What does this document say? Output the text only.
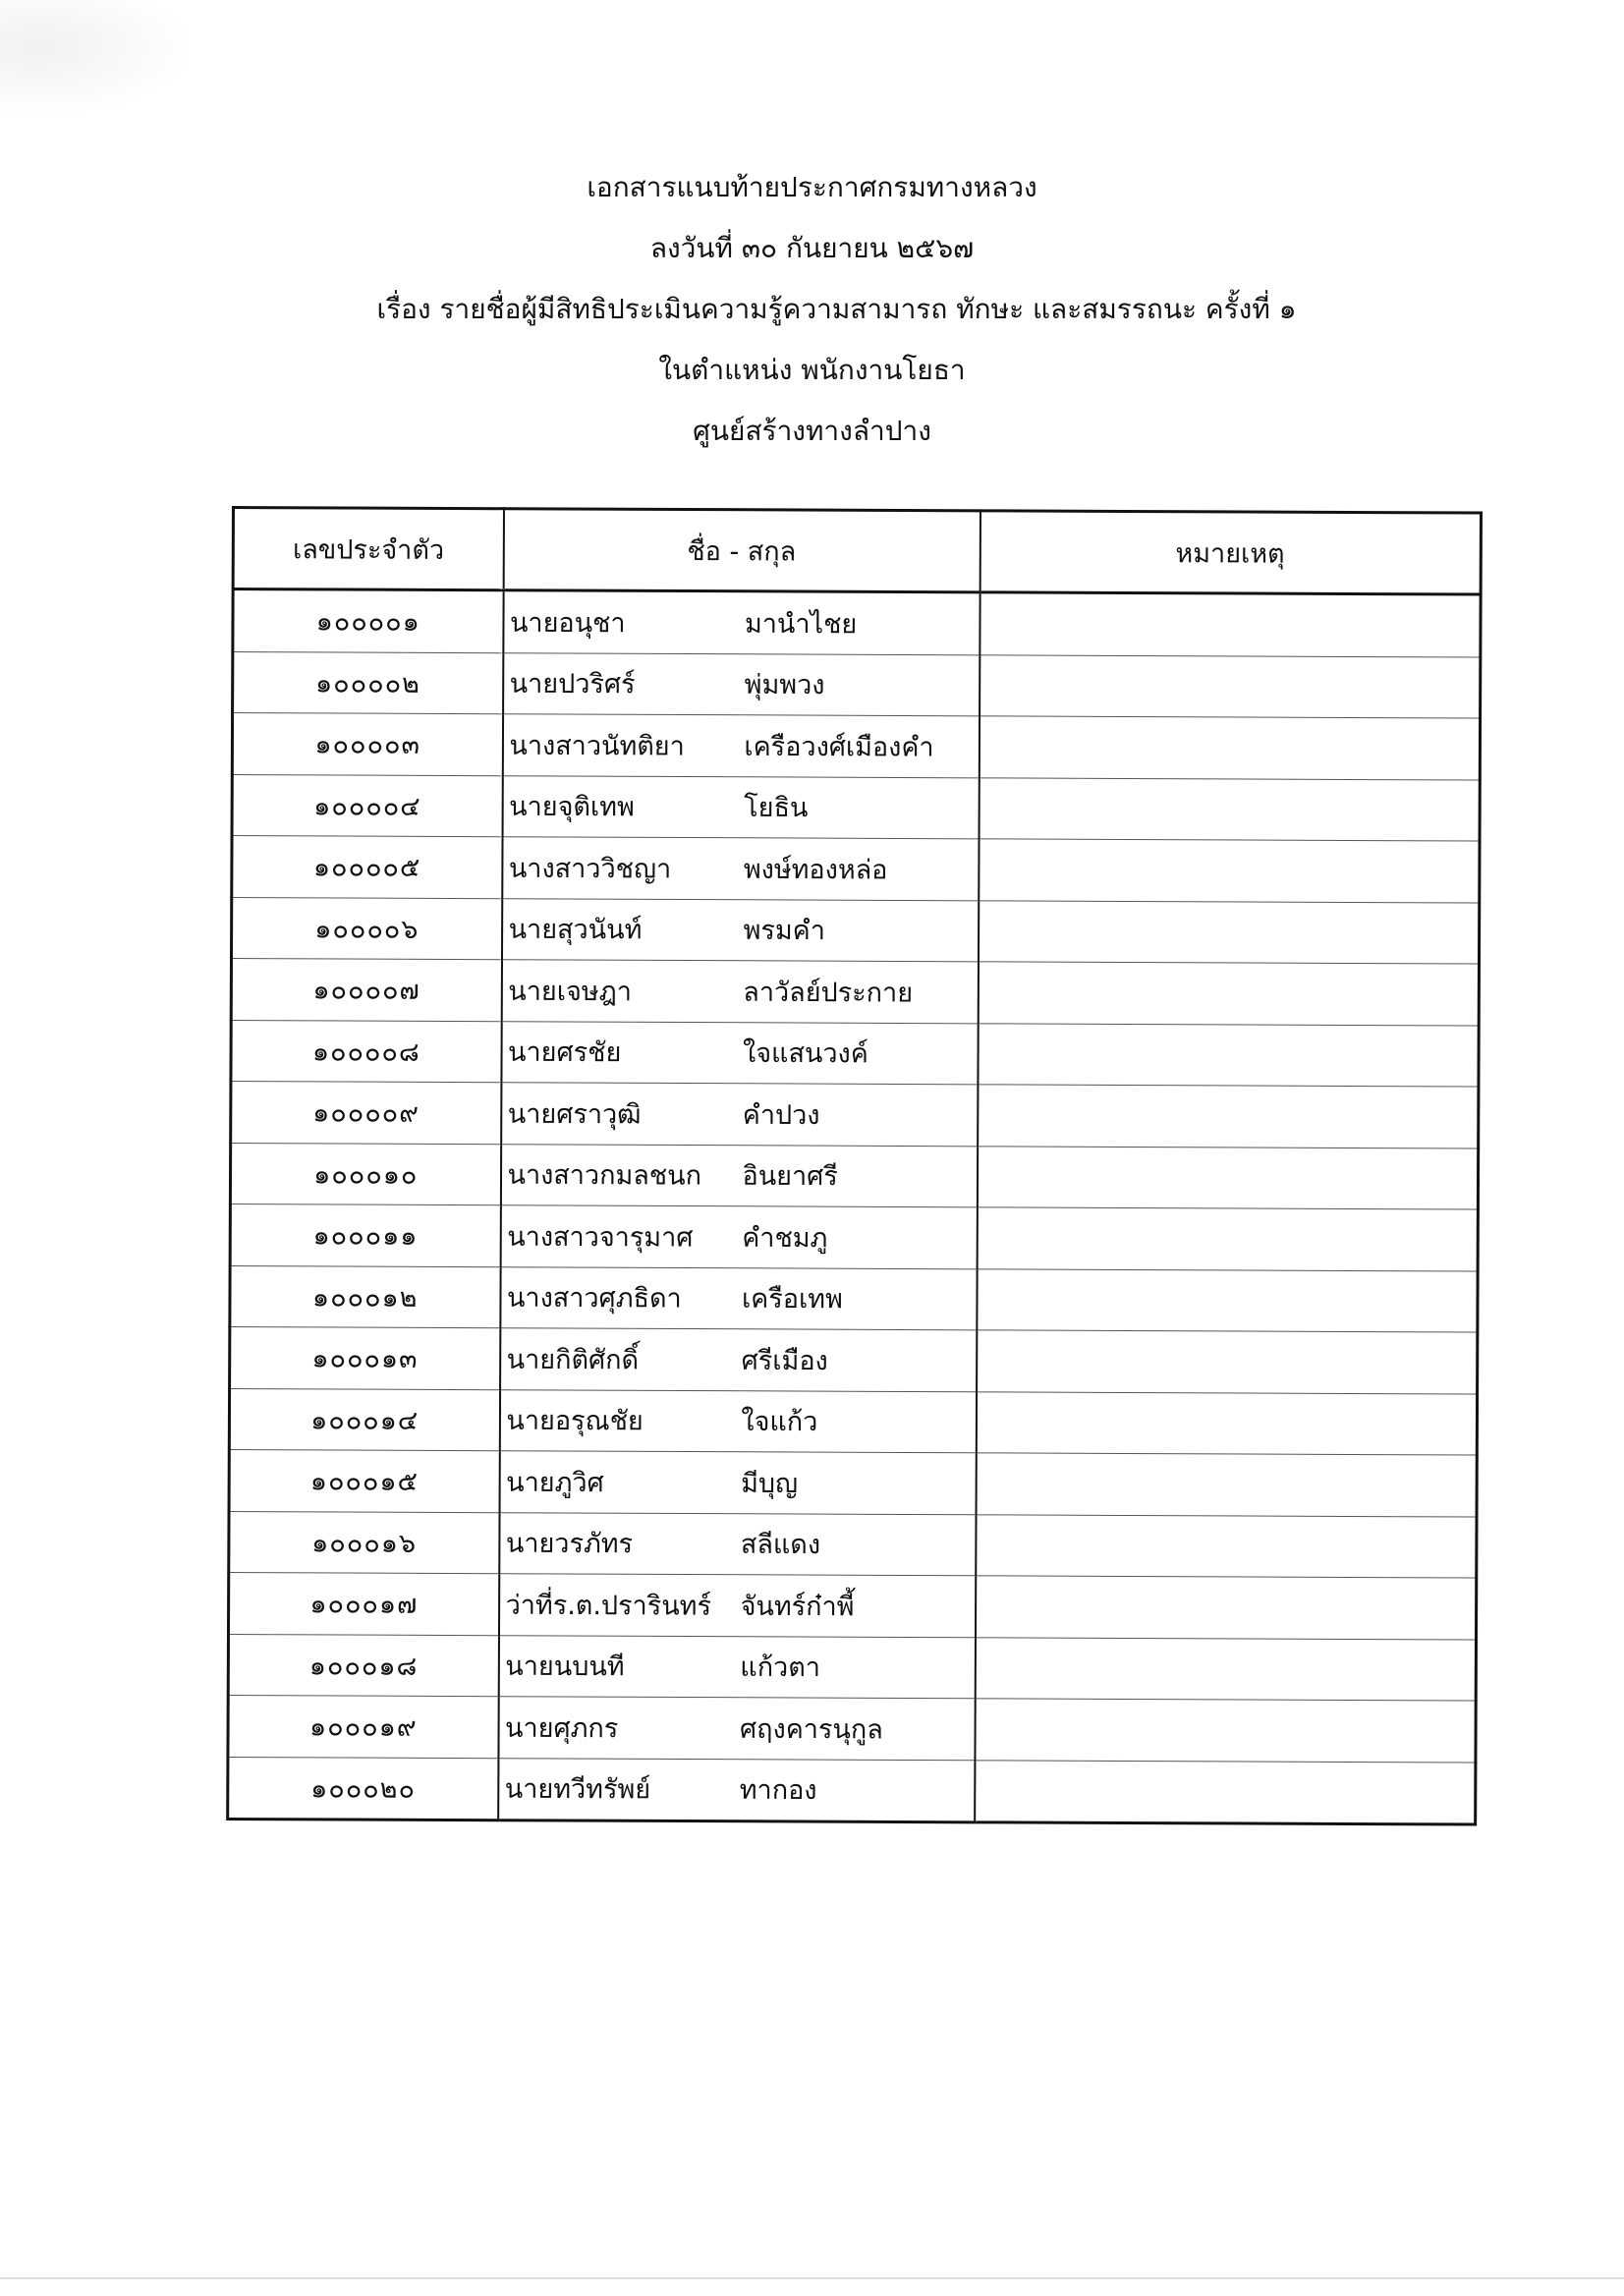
เอกสารแนบท้ายประกาศกรมทางหลวง
ลงวันที่ ๓๐ กันยายน ๒๕๖๗
เรื่อง รายชื่อผู้มีสิทธิประเมินความรู้ความสามารถ ทักษะ และสมรรถนะ ครั้งที่ ๑
ในตำแหน่ง พนักงานโยธา
ศูนย์สร้างทางลำปาง
เลขประจำตัว	ชื่อ - สกุล	หมายเหตุ
๑๐๐๐๐๑	นายอนุชา มานำไชย	

๑๐๐๐๐๒	นายปวริศร์ พุ่มพวง	

๑๐๐๐๐๓	นางสาวนัทติยา เครือวงศ์เมืองคำ	

๑๐๐๐๐๔	นายจุติเทพ โยธิน	

๑๐๐๐๐๕	นางสาววิชญา พงษ์ทองหล่อ	

๑๐๐๐๐๖	นายสุวนันท์ พรมคำ	

๑๐๐๐๐๗	นายเจษฎา ลาวัลย์ประกาย	

๑๐๐๐๐๘	นายศรชัย ใจแสนวงค์	

๑๐๐๐๐๙	นายศราวุฒิ คำปวง	

๑๐๐๐๑๐	นางสาวกมลชนก อินยาศรี	

๑๐๐๐๑๑	นางสาวจารุมาศ คำชมภู	

๑๐๐๐๑๒	นางสาวศุภธิดา เครือเทพ	

๑๐๐๐๑๓	นายกิติศักดิ์ ศรีเมือง	

๑๐๐๐๑๔	นายอรุณชัย ใจแก้ว	

๑๐๐๐๑๕	นายภูวิศ มีบุญ	

๑๐๐๐๑๖	นายวรภัทร สลีแดง	

๑๐๐๐๑๗	ว่าที่ร.ต.ปรารินทร์ จันทร์ก๋าพี้	

๑๐๐๐๑๘	นายนบนที แก้วตา	

๑๐๐๐๑๙	นายศุภกร ศฤงคารนุกูล	

๑๐๐๐๒๐	นายทวีทรัพย์ ทากอง	
